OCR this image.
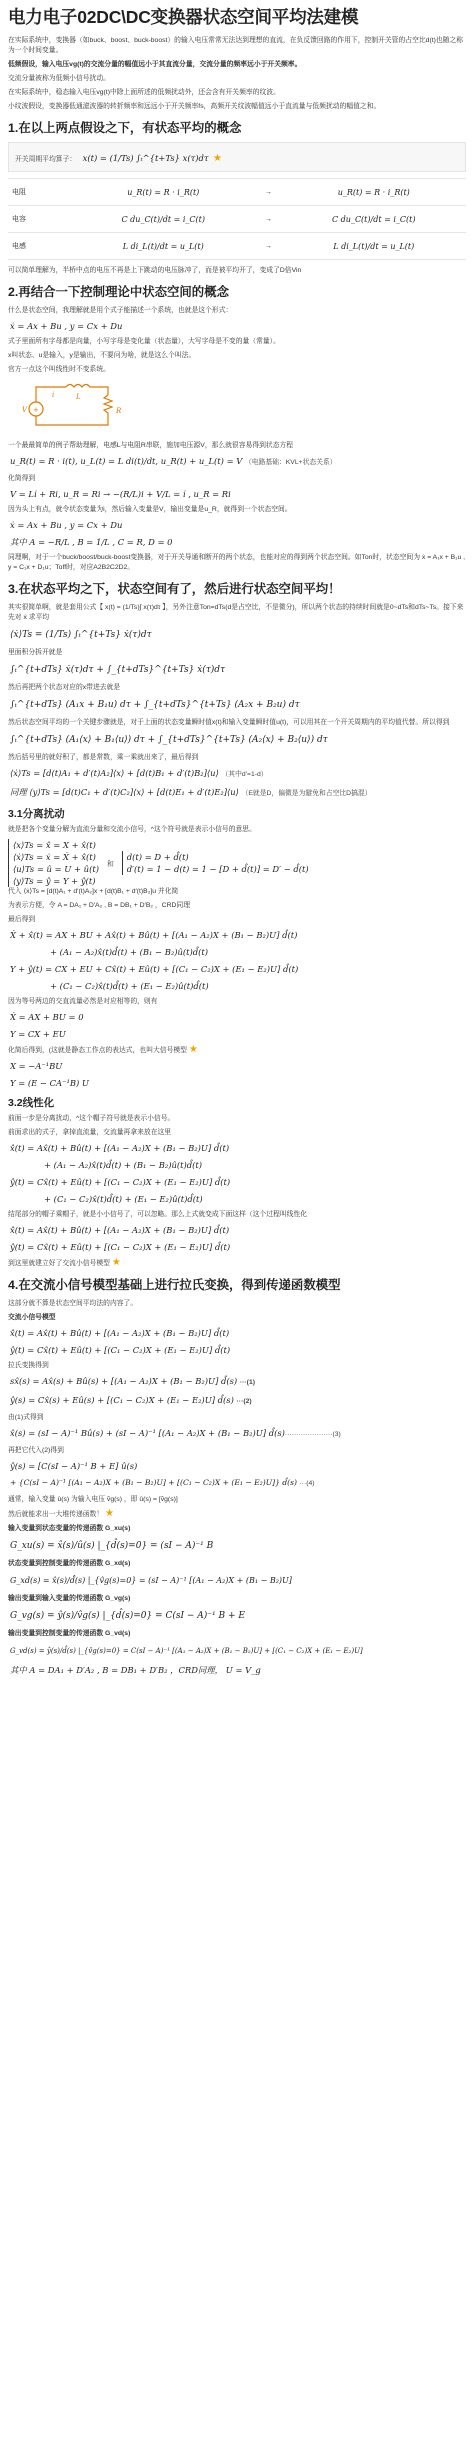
电力电子02DC\DC变换器状态空间平均法建模

在实际系统中，变换器（如buck、boost、buck-boost）的输入电压常常无法达到理想的直流，在负反馈回路的作用下，控制开关管的占空比d(t)也随之称为一个时间变量。

低频假设，输入电压vg(t)的交流分量的幅值远小于其直流分量，交流分量的频率远小于开关频率。

交流分量被称为低频小信号扰动。

在实际系统中，稳态输入电压vg(t)中除上面所述的低频扰动外，还会含有开关频率的纹波。

小纹波假设，变换器低通滤波器的转折频率和远远小于开关频率fs，高频开关纹波幅值远小于直流量与低频扰动的幅值之和。

1.在以上两点假设之下，有状态平均的概念
开关周期平均算子： x(t) = (1/Ts) ∫ₜ^{t+Ts} x(τ)dτ ★
电阻	u_R(t) = R · i_R(t)	→	u_R(t) = R · i_R(t)
电容	C du_C(t)/dt = i_C(t)	→	C du_C(t)/dt = i_C(t)
电感	L di_L(t)/dt = u_L(t)	→	L di_L(t)/dt = u_L(t)

可以简单理解为，半桥中点的电压不再是上下跳动的电压脉冲了，而是被平均开了，变成了D倍Vin

2.再结合一下控制理论中状态空间的概念

什么是状态空间，我理解就是用个式子能描述一个系统，也就是这个形式：

ẋ = Ax + Bu , y = Cx + Du

式子里面所有字母都是向量，小写字母是变化量（状态量），大写字母是不变的量（常量）。

x叫状态、u是输入，y是输出，不要问为啥，就是这么个叫法。

官方一点这个叫线性时不变系统。

+
V
L
R
i

一个最最简单的例子帮助理解，电感L与电阻R串联，施加电压源V，那么就很容易得到状态方程

u_R(t) = R · i(t), u_L(t) = L di(t)/dt, u_R(t) + u_L(t) = V （电路基础：KVL+状态关系）

化简得到

V = Li̇ + Ri, u_R = Ri → −(R/L)i + V/L = i̇ , u_R = Ri

因为头上有点，就令状态变量为i，然后输入变量是V，输出变量是u_R，就得到一个状态空间。

ẋ = Ax + Bu , y = Cx + Du
其中 A = −R/L , B = 1/L , C = R, D = 0

同理啊，对于一个buck/boost/buck-boost变换器，对于开关导通和断开的两个状态，也能对应的得到两个状态空间。如Ton时，状态空间为 ẋ = A₁x + B₁u , y = C₁x + D₁u；Toff时，对应A2B2C2D2。

3.在状态平均之下，状态空间有了，然后进行状态空间平均！

其实很简单啊，就是套用公式【 x(t) = (1/Ts)∫ x(τ)dτ 】，另外注意Ton=dTs(d是占空比，不是微分)，所以两个状态的持续时间就是0~dTs和dTs~Ts。接下来先对 ẋ 求平均

⟨ẋ⟩Ts = (1/Ts) ∫ₜ^{t+Ts} ẋ(τ)dτ

里面积分拆开就是

∫ₜ^{t+dTs} ẋ(τ)dτ + ∫_{t+dTs}^{t+Ts} ẋ(τ)dτ

然后再把两个状态对应的x带进去就是

∫ₜ^{t+dTs} (A₁x + B₁u) dτ + ∫_{t+dTs}^{t+Ts} (A₂x + B₂u) dτ

然后状态空间平均的一个关键步骤就是，对于上面的状态变量瞬时值x(t)和输入变量瞬时值u(t)，可以用其在一个开关周期内的平均值代替。所以得到

∫ₜ^{t+dTs} (A₁⟨x⟩ + B₁⟨u⟩) dτ + ∫_{t+dTs}^{t+Ts} (A₂⟨x⟩ + B₂⟨u⟩) dτ

然后括号里的就好积了，都是常数，乘一乘就出来了，最后得到

⟨ẋ⟩Ts = [d(t)A₁ + d′(t)A₂]⟨x⟩ + [d(t)B₁ + d′(t)B₂]⟨u⟩ （其中d'=1-d）
同理 ⟨y⟩Ts = [d(t)C₁ + d′(t)C₂]⟨x⟩ + [d(t)E₁ + d′(t)E₂]⟨u⟩ （E就是D，偏微是为避免和占空比D搞混）
3.1分离扰动

就是把各个变量分解为直流分量和交流小信号，^这个符号就是表示小信号的意思。

⟨x⟩Ts = x̂ = X + x̂(t)
⟨ẋ⟩Ts = ẋ = Ẋ + x̂̇(t)
⟨u⟩Ts = û = U + û(t)
⟨y⟩Ts = ŷ = Y + ŷ(t)
和
d(t) = D + d̂(t)
d′(t) = 1 − d(t) = 1 − [D + d̂(t)] = D′ − d̂(t)

代入 ⟨ẋ⟩Ts = [d(t)A₁ + d′(t)A₂]x + [d(t)B₁ + d′(t)B₂]u 并化简

为表示方便，令 A = DA₁ + D′A₂ , B = DB₁ + D′B₂ ，CRD同理

最后得到

Ẋ + x̂̇(t) = AX + BU + Ax̂(t) + Bû(t) + [(A₁ − A₂)X + (B₁ − B₂)U] d̂(t)
+ (A₁ − A₂)x̂(t)d̂(t) + (B₁ − B₂)û(t)d̂(t)
Y + ŷ(t) = CX + EU + Cx̂(t) + Eû(t) + [(C₁ − C₂)X + (E₁ − E₂)U] d̂(t)
+ (C₁ − C₂)x̂(t)d̂(t) + (E₁ − E₂)û(t)d̂(t)

因为等号两边的交直流量必然是对应相等的，则有

Ẋ = AX + BU = 0
Y = CX + EU

化简后得到，(这就是静态工作点的表达式，也叫大信号模型 ★

X = −A⁻¹BU
Y = (E − CA⁻¹B) U
3.2线性化

前面一步是分离扰动，^这个帽子符号就是表示小信号。

前面求出的式子，拿掉直流量，交流量再拿来放在这里

x̂̇(t) = Ax̂(t) + Bû(t) + [(A₁ − A₂)X + (B₁ − B₂)U] d̂(t)
+ (A₁ − A₂)x̂(t)d̂(t) + (B₁ − B₂)û(t)d̂(t)
ŷ(t) = Cx̂(t) + Eû(t) + [(C₁ − C₂)X + (E₁ − E₂)U] d̂(t)
+ (C₁ − C₂)x̂(t)d̂(t) + (E₁ − E₂)û(t)d̂(t)

结尾部分的帽子乘帽子，就是小小信号了，可以忽略。那么上式就变成下面这样（这个过程叫线性化

x̂̇(t) = Ax̂(t) + Bû(t) + [(A₁ − A₂)X + (B₁ − B₂)U] d̂(t)
ŷ(t) = Cx̂(t) + Eû(t) + [(C₁ − C₂)X + (E₁ − E₂)U] d̂(t)

到这里就建立好了交流小信号模型 ★

4.在交流小信号模型基础上进行拉氏变换，得到传递函数模型

这部分就不算是状态空间平均法的内容了。

交流小信号模型

x̂̇(t) = Ax̂(t) + Bû(t) + [(A₁ − A₂)X + (B₁ − B₂)U] d̂(t)
ŷ(t) = Cx̂(t) + Eû(t) + [(C₁ − C₂)X + (E₁ − E₂)U] d̂(t)

拉氏变换得到

sx̂(s) = Ax̂(s) + Bû(s) + [(A₁ − A₂)X + (B₁ − B₂)U] d̂(s) ···(1)
ŷ(s) = Cx̂(s) + Eû(s) + [(C₁ − C₂)X + (E₁ − E₂)U] d̂(s) ···(2)

由(1)式得到

x̂(s) = (sI − A)⁻¹ Bû(s) + (sI − A)⁻¹ [(A₁ − A₂)X + (B₁ − B₂)U] d̂(s)·····················(3)

再把它代入(2)得到

ŷ(s) = [C(sI − A)⁻¹ B + E] û(s)
+ {C(sI − A)⁻¹ [(A₁ − A₂)X + (B₁ − B₂)U] + [(C₁ − C₂)X + (E₁ − E₂)U]} d̂(s) ···(4)

通常，输入变量 û(s) 为输入电压 v̂g(s) ，即 û(s) = [v̂g(s)]

然后就能求出一大堆传递函数！ ★

输入变量到状态变量的传递函数 G_xu(s)

G_xu(s) = x̂(s)/û(s) |_{d̂(s)=0} = (sI − A)⁻¹ B

状态变量到控制变量的传递函数 G_xd(s)

G_xd(s) = x̂(s)/d̂(s) |_{v̂g(s)=0} = (sI − A)⁻¹ [(A₁ − A₂)X + (B₁ − B₂)U]

输出变量到输入变量的传递函数 G_vg(s)

G_vg(s) = ŷ(s)/v̂g(s) |_{d̂(s)=0} = C(sI − A)⁻¹ B + E

输出变量到控制变量的传递函数 G_vd(s)

G_vd(s) = ŷ(s)/d̂(s) |_{v̂g(s)=0} = C(sI − A)⁻¹ [(A₁ − A₂)X + (B₁ − B₂)U] + [(C₁ − C₂)X + (E₁ − E₂)U]
其中 A = DA₁ + D′A₂ , B = DB₁ + D′B₂ ，CRD同理， U = V_g
